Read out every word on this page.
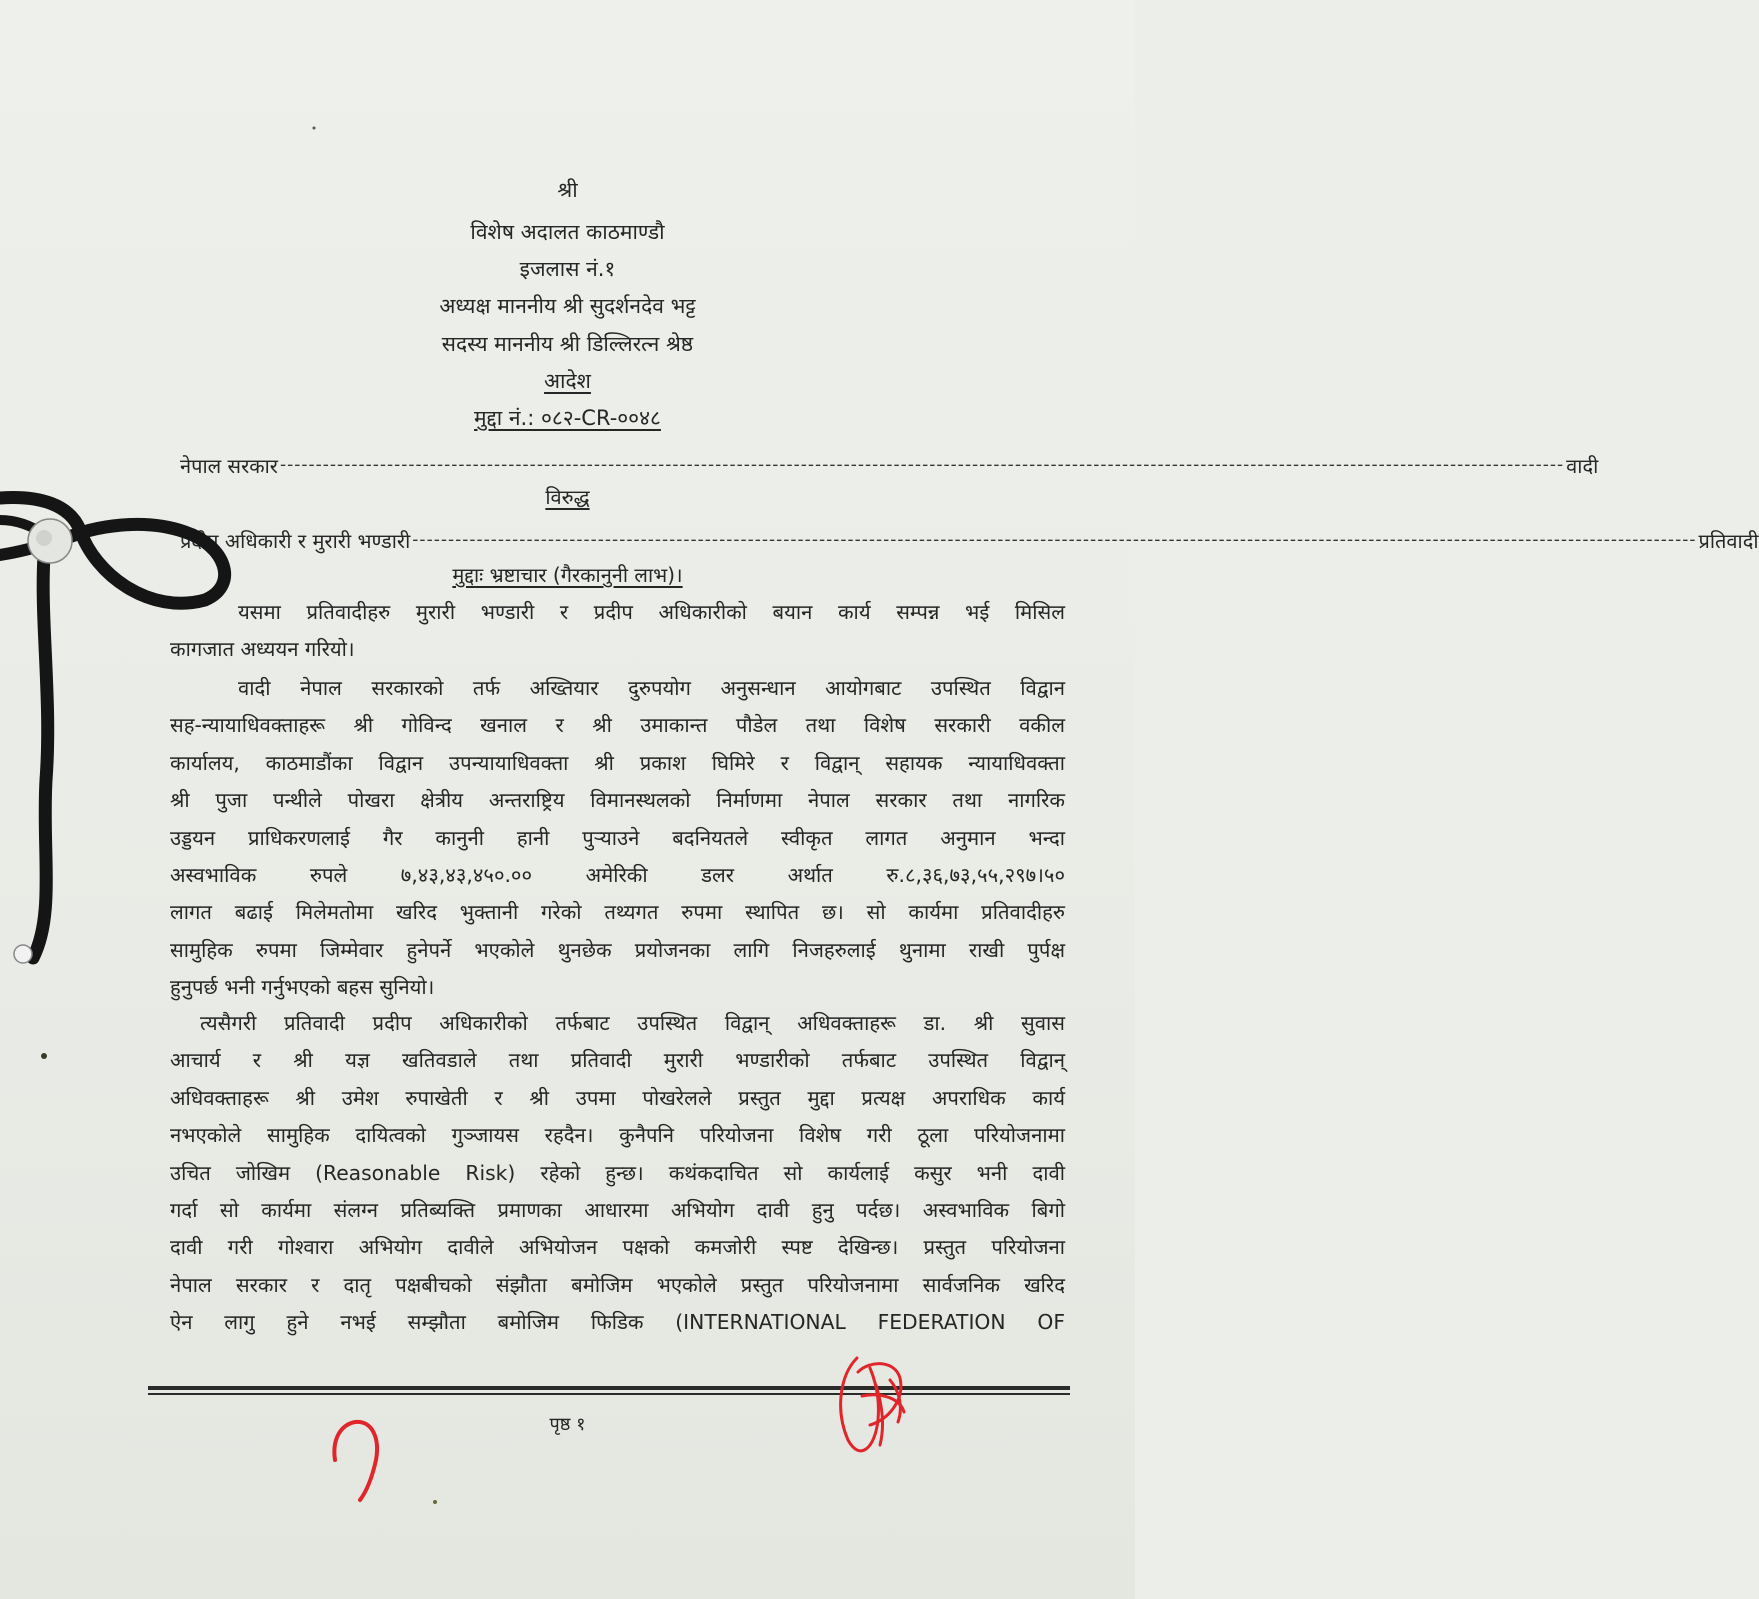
श्री
विशेष अदालत काठमाण्डौ
इजलास नं.१
अध्यक्ष माननीय श्री सुदर्शनदेव भट्ट
सदस्य माननीय श्री डिल्लिरत्न श्रेष्ठ
आदेश
मुद्दा नं.: ०८२-CR-००४८
नेपाल सरकार ------------------------------------------------------------------------------------------------------------------------------------------------------------------------------------ वादी
विरुद्ध
प्रदीप अधिकारी र मुरारी भण्डारी ------------------------------------------------------------------------------------------------------------------------------------------------------------------------------------ प्रतिवादी
मुद्दाः भ्रष्टाचार (गैरकानुनी लाभ)।
यसमा प्रतिवादीहरु मुरारी भण्डारी र प्रदीप अधिकारीको बयान कार्य सम्पन्न भई मिसिल
कागजात अध्ययन गरियो।
वादी नेपाल सरकारको तर्फ अख्तियार दुरुपयोग अनुसन्धान आयोगबाट उपस्थित विद्वान
सह-न्यायाधिवक्ताहरू श्री गोविन्द खनाल र श्री उमाकान्त पौडेल तथा विशेष सरकारी वकील
कार्यालय, काठमाडौंका विद्वान उपन्यायाधिवक्ता श्री प्रकाश घिमिरे र विद्वान् सहायक न्यायाधिवक्ता
श्री पुजा पन्थीले पोखरा क्षेत्रीय अन्तराष्ट्रिय विमानस्थलको निर्माणमा नेपाल सरकार तथा नागरिक
उड्डयन प्राधिकरणलाई गैर कानुनी हानी पुऱ्याउने बदनियतले स्वीकृत लागत अनुमान भन्दा
अस्वभाविक रुपले ७,४३,४३,४५०.०० अमेरिकी डलर अर्थात रु.८,३६,७३,५५,२९७।५०
लागत बढाई मिलेमतोमा खरिद भुक्तानी गरेको तथ्यगत रुपमा स्थापित छ। सो कार्यमा प्रतिवादीहरु
सामुहिक रुपमा जिम्मेवार हुनेपर्ने भएकोले थुनछेक प्रयोजनका लागि निजहरुलाई थुनामा राखी पुर्पक्ष
हुनुपर्छ भनी गर्नुभएको बहस सुनियो।
त्यसैगरी प्रतिवादी प्रदीप अधिकारीको तर्फबाट उपस्थित विद्वान् अधिवक्ताहरू डा. श्री सुवास
आचार्य र श्री यज्ञ खतिवडाले तथा प्रतिवादी मुरारी भण्डारीको तर्फबाट उपस्थित विद्वान्
अधिवक्ताहरू श्री उमेश रुपाखेती र श्री उपमा पोखरेलले प्रस्तुत मुद्दा प्रत्यक्ष अपराधिक कार्य
नभएकोले सामुहिक दायित्वको गुञ्जायस रहदैन। कुनैपनि परियोजना विशेष गरी ठूला परियोजनामा
उचित जोखिम (Reasonable Risk) रहेको हुन्छ। कथंकदाचित सो कार्यलाई कसुर भनी दावी
गर्दा सो कार्यमा संलग्न प्रतिब्यक्ति प्रमाणका आधारमा अभियोग दावी हुनु पर्दछ। अस्वभाविक बिगो
दावी गरी गोश्वारा अभियोग दावीले अभियोजन पक्षको कमजोरी स्पष्ट देखिन्छ। प्रस्तुत परियोजना
नेपाल सरकार र दातृ पक्षबीचको संझौता बमोजिम भएकोले प्रस्तुत परियोजनामा सार्वजनिक खरिद
ऐन लागु हुने नभई सम्झौता बमोजिम फिडिक (INTERNATIONAL FEDERATION OF
पृष्ठ १
